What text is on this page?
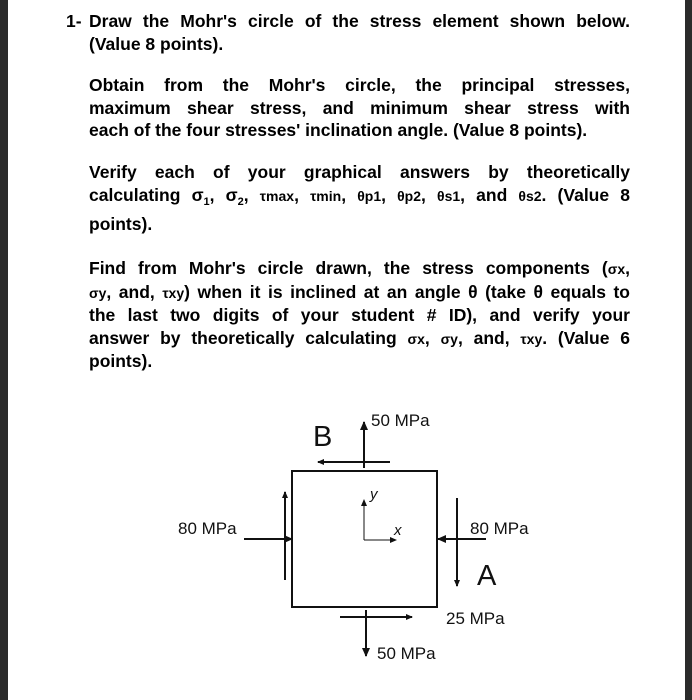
1- Draw the Mohr's circle of the stress element shown below.
(Value 8 points).

Obtain from the Mohr's circle, the principal stresses,
maximum shear stress, and minimum shear stress with
each of the four stresses' inclination angle. (Value 8 points).

Verify each of your graphical answers by theoretically
calculating $\sigma_1$, $\sigma_2$, τmax, τmin, θp1, θp2, θs1, and θs2. (Value 8
points).

Find from Mohr's circle drawn, the stress components (σx,
σy, and, τxy) when it is inclined at an angle θ (take θ equals to
the last two digits of your student # ID), and verify your
answer by theoretically calculating σx, σy, and, τxy. (Value 6
points).

50 MPa
B
80 MPa	80 MPa
A
25 MPa
50 MPa
y
x
